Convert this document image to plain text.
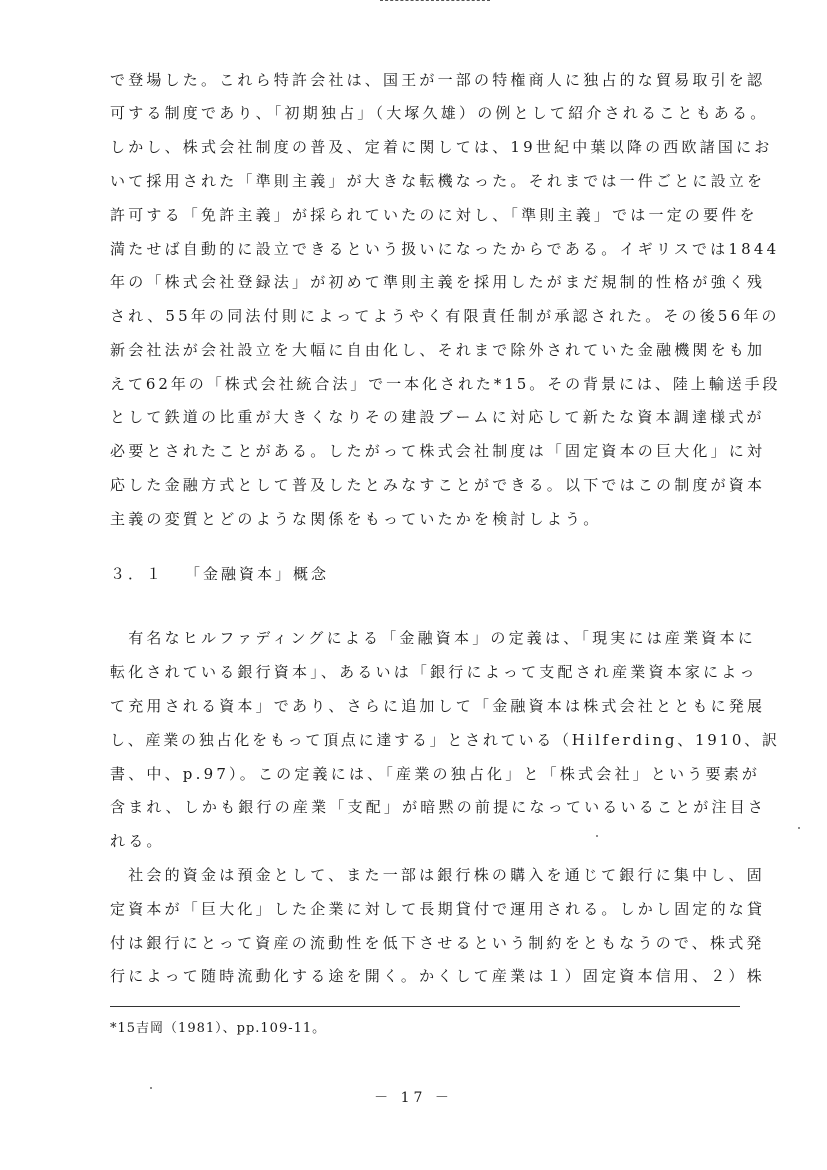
で登場した。これら特許会社は、国王が一部の特権商人に独占的な貿易取引を認
可する制度であり、「初期独占」（大塚久雄）の例として紹介されることもある。
しかし、株式会社制度の普及、定着に関しては、19世紀中葉以降の西欧諸国にお
いて採用された「準則主義」が大きな転機なった。それまでは一件ごとに設立を
許可する「免許主義」が採られていたのに対し、「準則主義」では一定の要件を
満たせば自動的に設立できるという扱いになったからである。イギリスでは1844
年の「株式会社登録法」が初めて準則主義を採用したがまだ規制的性格が強く残
され、55年の同法付則によってようやく有限責任制が承認された。その後56年の
新会社法が会社設立を大幅に自由化し、それまで除外されていた金融機関をも加
えて62年の「株式会社統合法」で一本化された*15。その背景には、陸上輸送手段
として鉄道の比重が大きくなりその建設ブームに対応して新たな資本調達様式が
必要とされたことがある。したがって株式会社制度は「固定資本の巨大化」に対
応した金融方式として普及したとみなすことができる。以下ではこの制度が資本
主義の変質とどのような関係をもっていたかを検討しよう。
３．１ 「金融資本」概念
　有名なヒルファディングによる「金融資本」の定義は、「現実には産業資本に
転化されている銀行資本」、あるいは「銀行によって支配され産業資本家によっ
て充用される資本」であり、さらに追加して「金融資本は株式会社とともに発展
し、産業の独占化をもって頂点に達する」とされている（Hilferding、1910、訳
書、中、p.97）。この定義には、「産業の独占化」と「株式会社」という要素が
含まれ、しかも銀行の産業「支配」が暗黙の前提になっているいることが注目さ
れる。
　社会的資金は預金として、また一部は銀行株の購入を通じて銀行に集中し、固
定資本が「巨大化」した企業に対して長期貸付で運用される。しかし固定的な貸
付は銀行にとって資産の流動性を低下させるという制約をともなうので、株式発
行によって随時流動化する途を開く。かくして産業は１）固定資本信用、２）株
*15吉岡（1981）、pp.109-11。
－ 17 －
